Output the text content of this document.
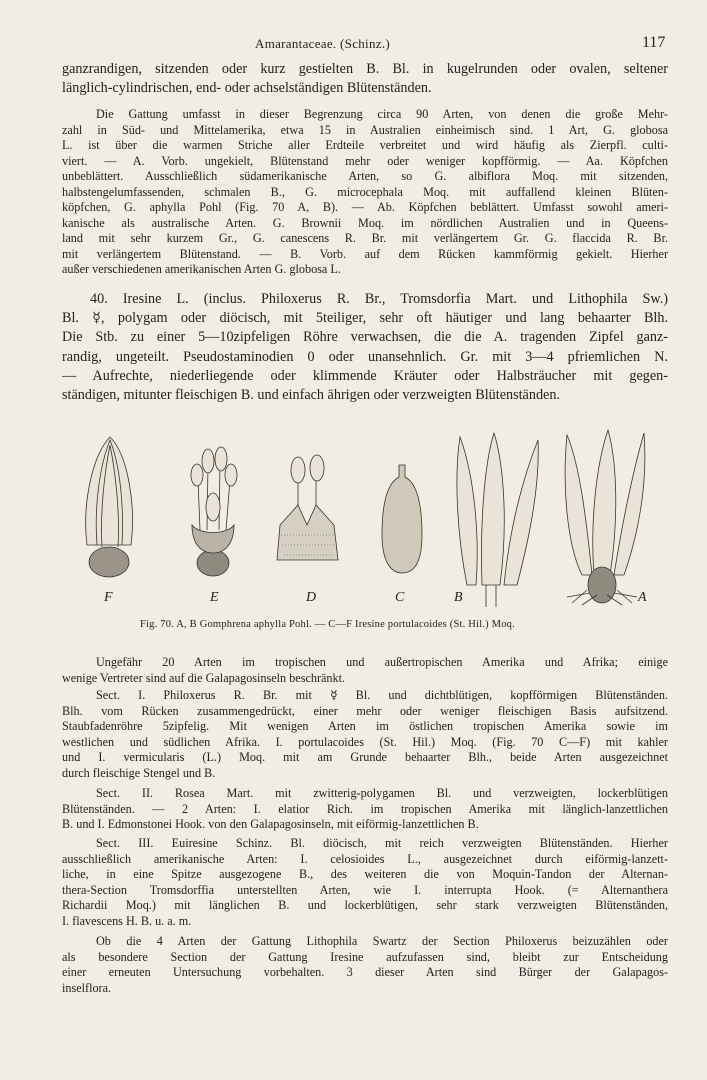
Amarantaceae. (Schinz.)	117
ganzrandigen, sitzenden oder kurz gestielten B. Bl. in kugelrunden oder ovalen, seltener
länglich-cylindrischen, end- oder achselständigen Blütenständen.
Die Gattung umfasst in dieser Begrenzung circa 90 Arten, von denen die große Mehr-
zahl in Süd- und Mittelamerika, etwa 15 in Australien einheimisch sind. 1 Art, G. globosa
L. ist über die warmen Striche aller Erdteile verbreitet und wird häufig als Zierpfl. culti-
viert. — A. Vorb. ungekielt, Blütenstand mehr oder weniger kopfförmig. — Aa. Köpfchen
unbeblättert. Ausschließlich südamerikanische Arten, so G. albiflora Moq. mit sitzenden,
halbstengelumfassenden, schmalen B., G. microcephala Moq. mit auffallend kleinen Blüten-
köpfchen, G. aphylla Pohl (Fig. 70 A, B). — Ab. Köpfchen beblättert. Umfasst sowohl ameri-
kanische als australische Arten. G. Brownii Moq. im nördlichen Australien und in Queens-
land mit sehr kurzem Gr., G. canescens R. Br. mit verlängertem Gr. G. flaccida R. Br.
mit verlängertem Blütenstand. — B. Vorb. auf dem Rücken kammförmig gekielt. Hierher
außer verschiedenen amerikanischen Arten G. globosa L.
40. Iresine L. (inclus. Philoxerus R. Br., Tromsdorfia Mart. und Lithophila Sw.)
Bl. ☿, polygam oder diöcisch, mit 5teiliger, sehr oft häutiger und lang behaarter Blh.
Die Stb. zu einer 5—10zipfeligen Röhre verwachsen, die die A. tragenden Zipfel ganz-
randig, ungeteilt. Pseudostaminodien 0 oder unansehnlich. Gr. mit 3—4 pfriemlichen N.
— Aufrechte, niederliegende oder klimmende Kräuter oder Halbsträucher mit gegen-
ständigen, mitunter fleischigen B. und einfach ährigen oder verzweigten Blütenständen.
F	E	D	C	B	A
Fig. 70. A, B Gomphrena aphylla Pohl. — C—F Iresine portulacoides (St. Hil.) Moq.
Ungefähr 20 Arten im tropischen und außertropischen Amerika und Afrika; einige
wenige Vertreter sind auf die Galapagosinseln beschränkt.
Sect. I. Philoxerus R. Br. mit ☿ Bl. und dichtblütigen, kopfförmigen Blütenständen.
Blh. vom Rücken zusammengedrückt, einer mehr oder weniger fleischigen Basis aufsitzend.
Staubfadenröhre 5zipfelig. Mit wenigen Arten im östlichen tropischen Amerika sowie im
westlichen und südlichen Afrika. I. portulacoides (St. Hil.) Moq. (Fig. 70 C—F) mit kahler
und I. vermicularis (L.) Moq. mit am Grunde behaarter Blh., beide Arten ausgezeichnet
durch fleischige Stengel und B.
Sect. II. Rosea Mart. mit zwitterig-polygamen Bl. und verzweigten, lockerblütigen
Blütenständen. — 2 Arten: I. elatior Rich. im tropischen Amerika mit länglich-lanzettlichen
B. und I. Edmonstonei Hook. von den Galapagosinseln, mit eiförmig-lanzettlichen B.
Sect. III. Euiresine Schinz. Bl. diöcisch, mit reich verzweigten Blütenständen. Hierher
ausschließlich amerikanische Arten: I. celosioides L., ausgezeichnet durch eiförmig-lanzett-
liche, in eine Spitze ausgezogene B., des weiteren die von Moquin-Tandon der Alternan-
thera-Section Tromsdorffia unterstellten Arten, wie I. interrupta Hook. (= Alternanthera
Richardii Moq.) mit länglichen B. und lockerblütigen, sehr stark verzweigten Blütenständen,
I. flavescens H. B. u. a. m.
Ob die 4 Arten der Gattung Lithophila Swartz der Section Philoxerus beizuzählen oder
als besondere Section der Gattung Iresine aufzufassen sind, bleibt zur Entscheidung
einer erneuten Untersuchung vorbehalten. 3 dieser Arten sind Bürger der Galapagos-
inselflora.
